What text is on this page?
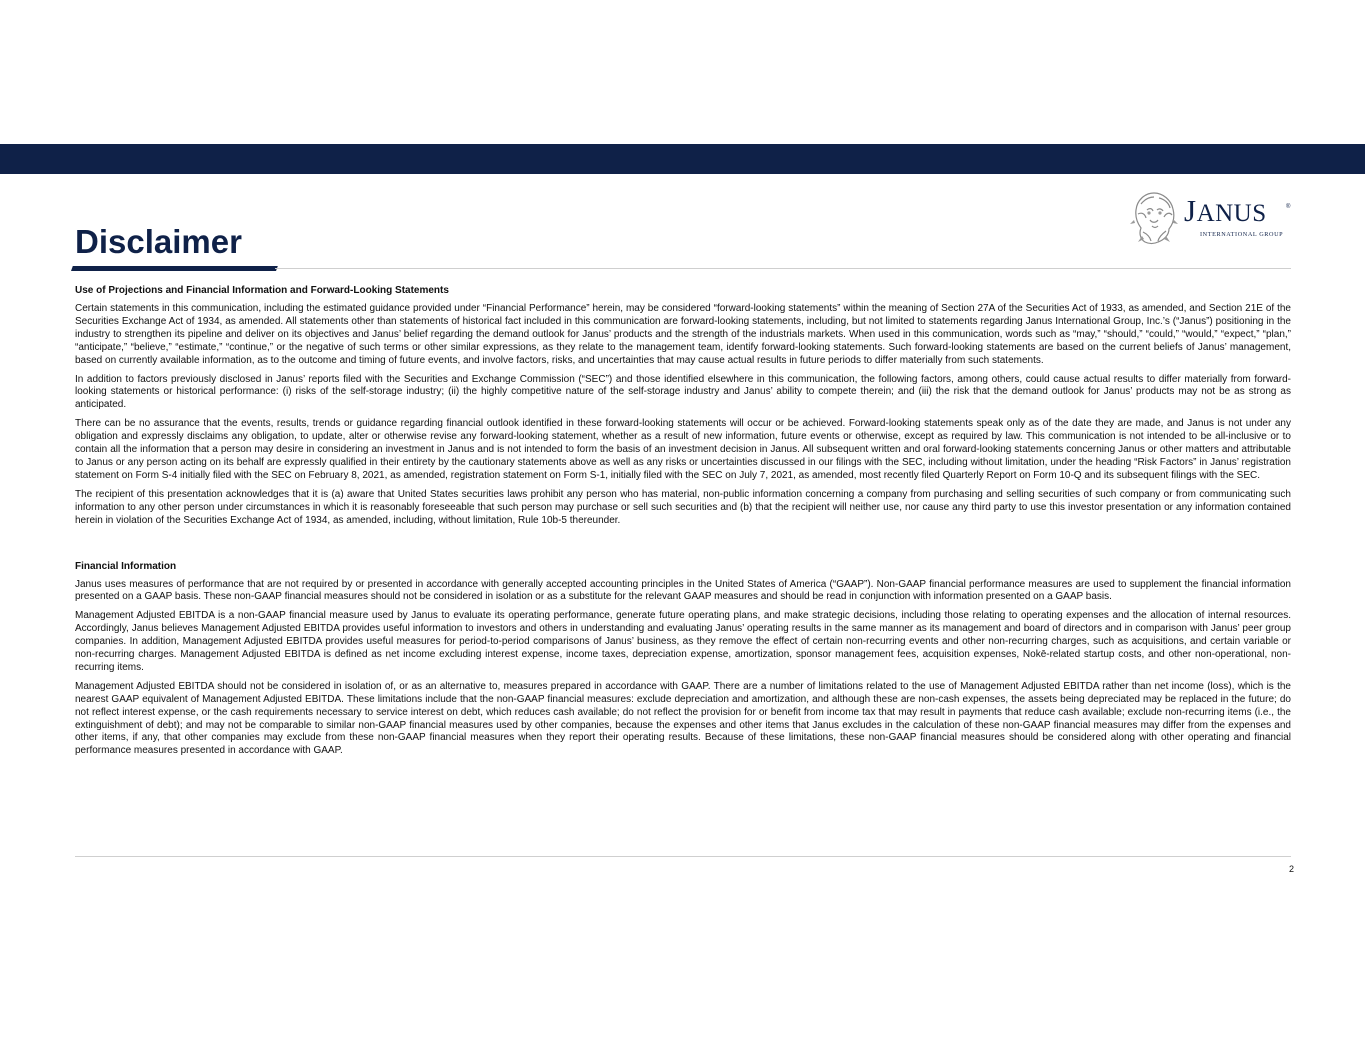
Disclaimer
JANUS	®
INTERNATIONAL GROUP

Use of Projections and Financial Information and Forward-Looking Statements

Certain statements in this communication, including the estimated guidance provided under “Financial Performance” herein, may be considered “forward-looking statements” within the meaning of Section 27A of the Securities Act of 1933, as amended, and Section 21E of the Securities Exchange Act of 1934, as amended. All statements other than statements of historical fact included in this communication are forward-looking statements, including, but not limited to statements regarding Janus International Group, Inc.’s (“Janus”) positioning in the industry to strengthen its pipeline and deliver on its objectives and Janus’ belief regarding the demand outlook for Janus’ products and the strength of the industrials markets. When used in this communication, words such as “may,” “should,” “could,” “would,” “expect,” “plan,” “anticipate,” “believe,” “estimate,” “continue,” or the negative of such terms or other similar expressions, as they relate to the management team, identify forward-looking statements. Such forward-looking statements are based on the current beliefs of Janus’ management, based on currently available information, as to the outcome and timing of future events, and involve factors, risks, and uncertainties that may cause actual results in future periods to differ materially from such statements.

In addition to factors previously disclosed in Janus’ reports filed with the Securities and Exchange Commission (“SEC”) and those identified elsewhere in this communication, the following factors, among others, could cause actual results to differ materially from forward-looking statements or historical performance: (i) risks of the self-storage industry; (ii) the highly competitive nature of the self-storage industry and Janus’ ability to compete therein; and (iii) the risk that the demand outlook for Janus’ products may not be as strong as anticipated.

There can be no assurance that the events, results, trends or guidance regarding financial outlook identified in these forward-looking statements will occur or be achieved. Forward-looking statements speak only as of the date they are made, and Janus is not under any obligation and expressly disclaims any obligation, to update, alter or otherwise revise any forward-looking statement, whether as a result of new information, future events or otherwise, except as required by law. This communication is not intended to be all-inclusive or to contain all the information that a person may desire in considering an investment in Janus and is not intended to form the basis of an investment decision in Janus. All subsequent written and oral forward-looking statements concerning Janus or other matters and attributable to Janus or any person acting on its behalf are expressly qualified in their entirety by the cautionary statements above as well as any risks or uncertainties discussed in our filings with the SEC, including without limitation, under the heading “Risk Factors” in Janus’ registration statement on Form S-4 initially filed with the SEC on February 8, 2021, as amended, registration statement on Form S-1, initially filed with the SEC on July 7, 2021, as amended, most recently filed Quarterly Report on Form 10-Q and its subsequent filings with the SEC.

The recipient of this presentation acknowledges that it is (a) aware that United States securities laws prohibit any person who has material, non-public information concerning a company from purchasing and selling securities of such company or from communicating such information to any other person under circumstances in which it is reasonably foreseeable that such person may purchase or sell such securities and (b) that the recipient will neither use, nor cause any third party to use this investor presentation or any information contained herein in violation of the Securities Exchange Act of 1934, as amended, including, without limitation, Rule 10b-5 thereunder.

Financial Information

Janus uses measures of performance that are not required by or presented in accordance with generally accepted accounting principles in the United States of America (“GAAP”). Non-GAAP financial performance measures are used to supplement the financial information presented on a GAAP basis. These non-GAAP financial measures should not be considered in isolation or as a substitute for the relevant GAAP measures and should be read in conjunction with information presented on a GAAP basis.

Management Adjusted EBITDA is a non-GAAP financial measure used by Janus to evaluate its operating performance, generate future operating plans, and make strategic decisions, including those relating to operating expenses and the allocation of internal resources. Accordingly, Janus believes Management Adjusted EBITDA provides useful information to investors and others in understanding and evaluating Janus’ operating results in the same manner as its management and board of directors and in comparison with Janus’ peer group companies. In addition, Management Adjusted EBITDA provides useful measures for period-to-period comparisons of Janus’ business, as they remove the effect of certain non-recurring events and other non-recurring charges, such as acquisitions, and certain variable or non-recurring charges. Management Adjusted EBITDA is defined as net income excluding interest expense, income taxes, depreciation expense, amortization, sponsor management fees, acquisition expenses, Nokē-related startup costs, and other non-operational, non-recurring items.

Management Adjusted EBITDA should not be considered in isolation of, or as an alternative to, measures prepared in accordance with GAAP. There are a number of limitations related to the use of Management Adjusted EBITDA rather than net income (loss), which is the nearest GAAP equivalent of Management Adjusted EBITDA. These limitations include that the non-GAAP financial measures: exclude depreciation and amortization, and although these are non-cash expenses, the assets being depreciated may be replaced in the future; do not reflect interest expense, or the cash requirements necessary to service interest on debt, which reduces cash available; do not reflect the provision for or benefit from income tax that may result in payments that reduce cash available; exclude non-recurring items (i.e., the extinguishment of debt); and may not be comparable to similar non-GAAP financial measures used by other companies, because the expenses and other items that Janus excludes in the calculation of these non-GAAP financial measures may differ from the expenses and other items, if any, that other companies may exclude from these non-GAAP financial measures when they report their operating results. Because of these limitations, these non-GAAP financial measures should be considered along with other operating and financial performance measures presented in accordance with GAAP.

2
